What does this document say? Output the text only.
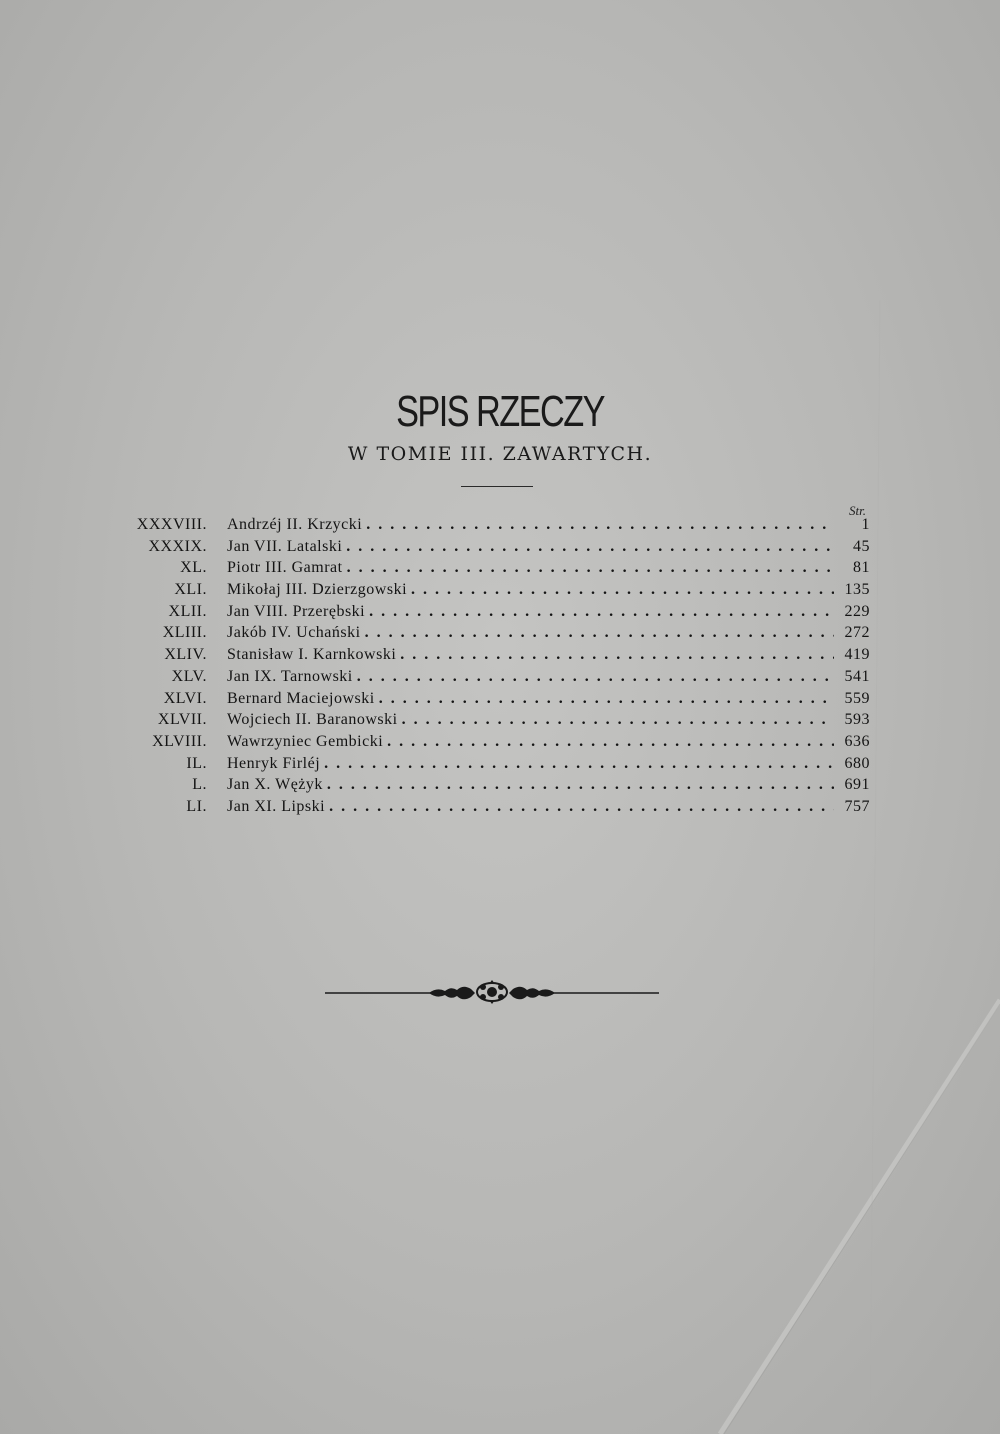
SPIS RZECZY
W TOMIE III. ZAWARTYCH.
Str.
XXXVIII. Andrzéj II. Krzycki . . .	1
XXXIX. Jan VII. Latalski . . .	45
XL. Piotr III. Gamrat . . .	81
XLI. Mikołaj III. Dzierzgowski . . .	135
XLII. Jan VIII. Przerębski . . .	229
XLIII. Jakób IV. Uchański . . .	272
XLIV. Stanisław I. Karnkowski . . .	419
XLV. Jan IX. Tarnowski . . .	541
XLVI. Bernard Maciejowski . . .	559
XLVII. Wojciech II. Baranowski . . .	593
XLVIII. Wawrzyniec Gembicki . . .	636
IL. Henryk Firléj . . .	680
L. Jan X. Wężyk . . .	691
LI. Jan XI. Lipski . . .	757
